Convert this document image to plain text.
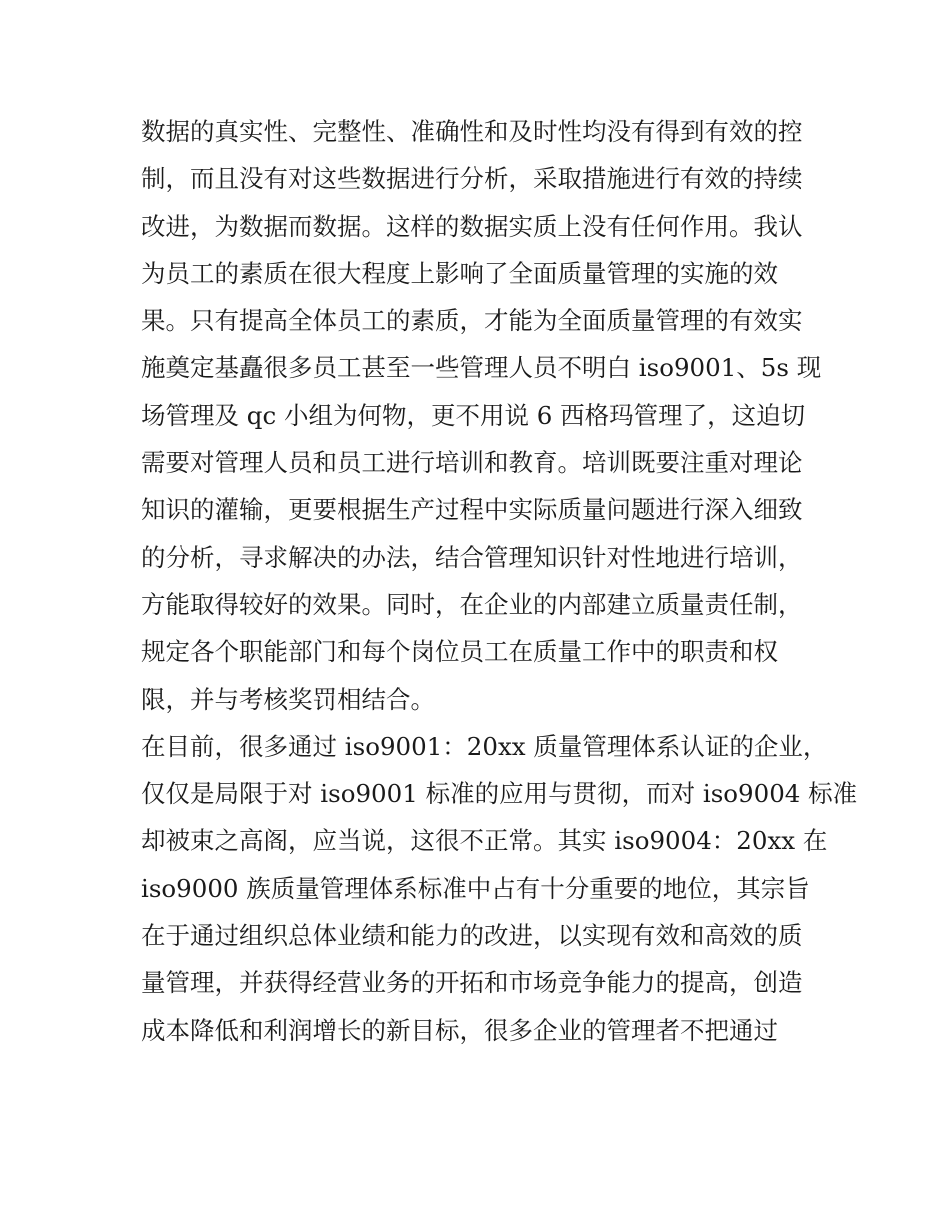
数据的真实性、完整性、准确性和及时性均没有得到有效的控
制，而且没有对这些数据进行分析，采取措施进行有效的持续
改进，为数据而数据。这样的数据实质上没有任何作用。我认
为员工的素质在很大程度上影响了全面质量管理的实施的效
果。只有提高全体员工的素质，才能为全面质量管理的有效实
施奠定基矗很多员工甚至一些管理人员不明白 iso9001、5s 现
场管理及 qc 小组为何物，更不用说 6 西格玛管理了，这迫切
需要对管理人员和员工进行培训和教育。培训既要注重对理论
知识的灌输，更要根据生产过程中实际质量问题进行深入细致
的分析，寻求解决的办法，结合管理知识针对性地进行培训，
方能取得较好的效果。同时，在企业的内部建立质量责任制，
规定各个职能部门和每个岗位员工在质量工作中的职责和权
限，并与考核奖罚相结合。
在目前，很多通过 iso9001：20xx 质量管理体系认证的企业，
仅仅是局限于对 iso9001 标准的应用与贯彻，而对 iso9004 标准
却被束之高阁，应当说，这很不正常。其实 iso9004：20xx 在
iso9000 族质量管理体系标准中占有十分重要的地位，其宗旨
在于通过组织总体业绩和能力的改进，以实现有效和高效的质
量管理，并获得经营业务的开拓和市场竞争能力的提高，创造
成本降低和利润增长的新目标，很多企业的管理者不把通过
